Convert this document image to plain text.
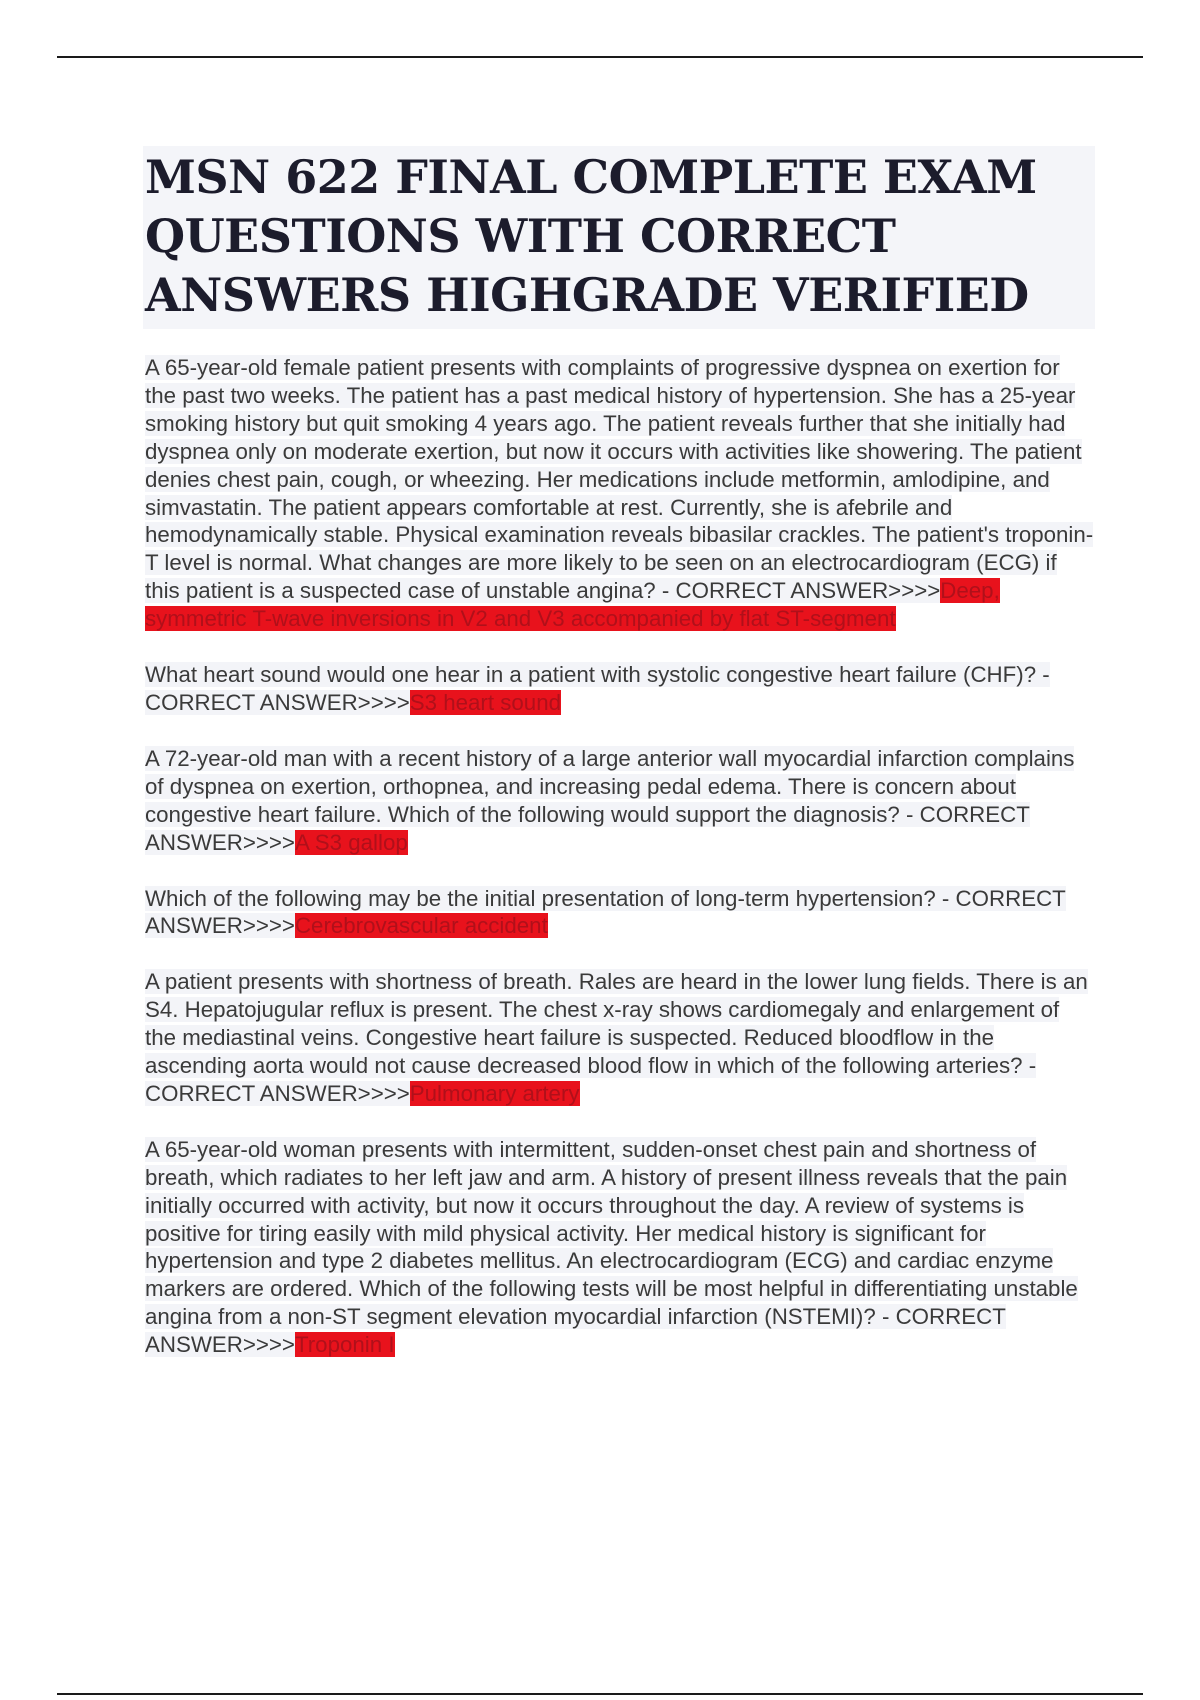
MSN 622 FINAL COMPLETE EXAM QUESTIONS WITH CORRECT ANSWERS HIGHGRADE VERIFIED

A 65-year-old female patient presents with complaints of progressive dyspnea on exertion for the past two weeks. The patient has a past medical history of hypertension. She has a 25-year smoking history but quit smoking 4 years ago. The patient reveals further that she initially had dyspnea only on moderate exertion, but now it occurs with activities like showering. The patient denies chest pain, cough, or wheezing. Her medications include metformin, amlodipine, and simvastatin. The patient appears comfortable at rest. Currently, she is afebrile and hemodynamically stable. Physical examination reveals bibasilar crackles. The patient's troponin-T level is normal. What changes are more likely to be seen on an electrocardiogram (ECG) if this patient is a suspected case of unstable angina? - CORRECT ANSWER>>>>Deep, symmetric T-wave inversions in V2 and V3 accompanied by flat ST-segment

What heart sound would one hear in a patient with systolic congestive heart failure (CHF)? - CORRECT ANSWER>>>>S3 heart sound

A 72-year-old man with a recent history of a large anterior wall myocardial infarction complains of dyspnea on exertion, orthopnea, and increasing pedal edema. There is concern about congestive heart failure. Which of the following would support the diagnosis? - CORRECT ANSWER>>>>A S3 gallop

Which of the following may be the initial presentation of long-term hypertension? - CORRECT ANSWER>>>>Cerebrovascular accident

A patient presents with shortness of breath. Rales are heard in the lower lung fields. There is an S4. Hepatojugular reflux is present. The chest x-ray shows cardiomegaly and enlargement of the mediastinal veins. Congestive heart failure is suspected. Reduced bloodflow in the ascending aorta would not cause decreased blood flow in which of the following arteries? - CORRECT ANSWER>>>>Pulmonary artery

A 65-year-old woman presents with intermittent, sudden-onset chest pain and shortness of breath, which radiates to her left jaw and arm. A history of present illness reveals that the pain initially occurred with activity, but now it occurs throughout the day. A review of systems is positive for tiring easily with mild physical activity. Her medical history is significant for hypertension and type 2 diabetes mellitus. An electrocardiogram (ECG) and cardiac enzyme markers are ordered. Which of the following tests will be most helpful in differentiating unstable angina from a non-ST segment elevation myocardial infarction (NSTEMI)? - CORRECT ANSWER>>>>Troponin I
